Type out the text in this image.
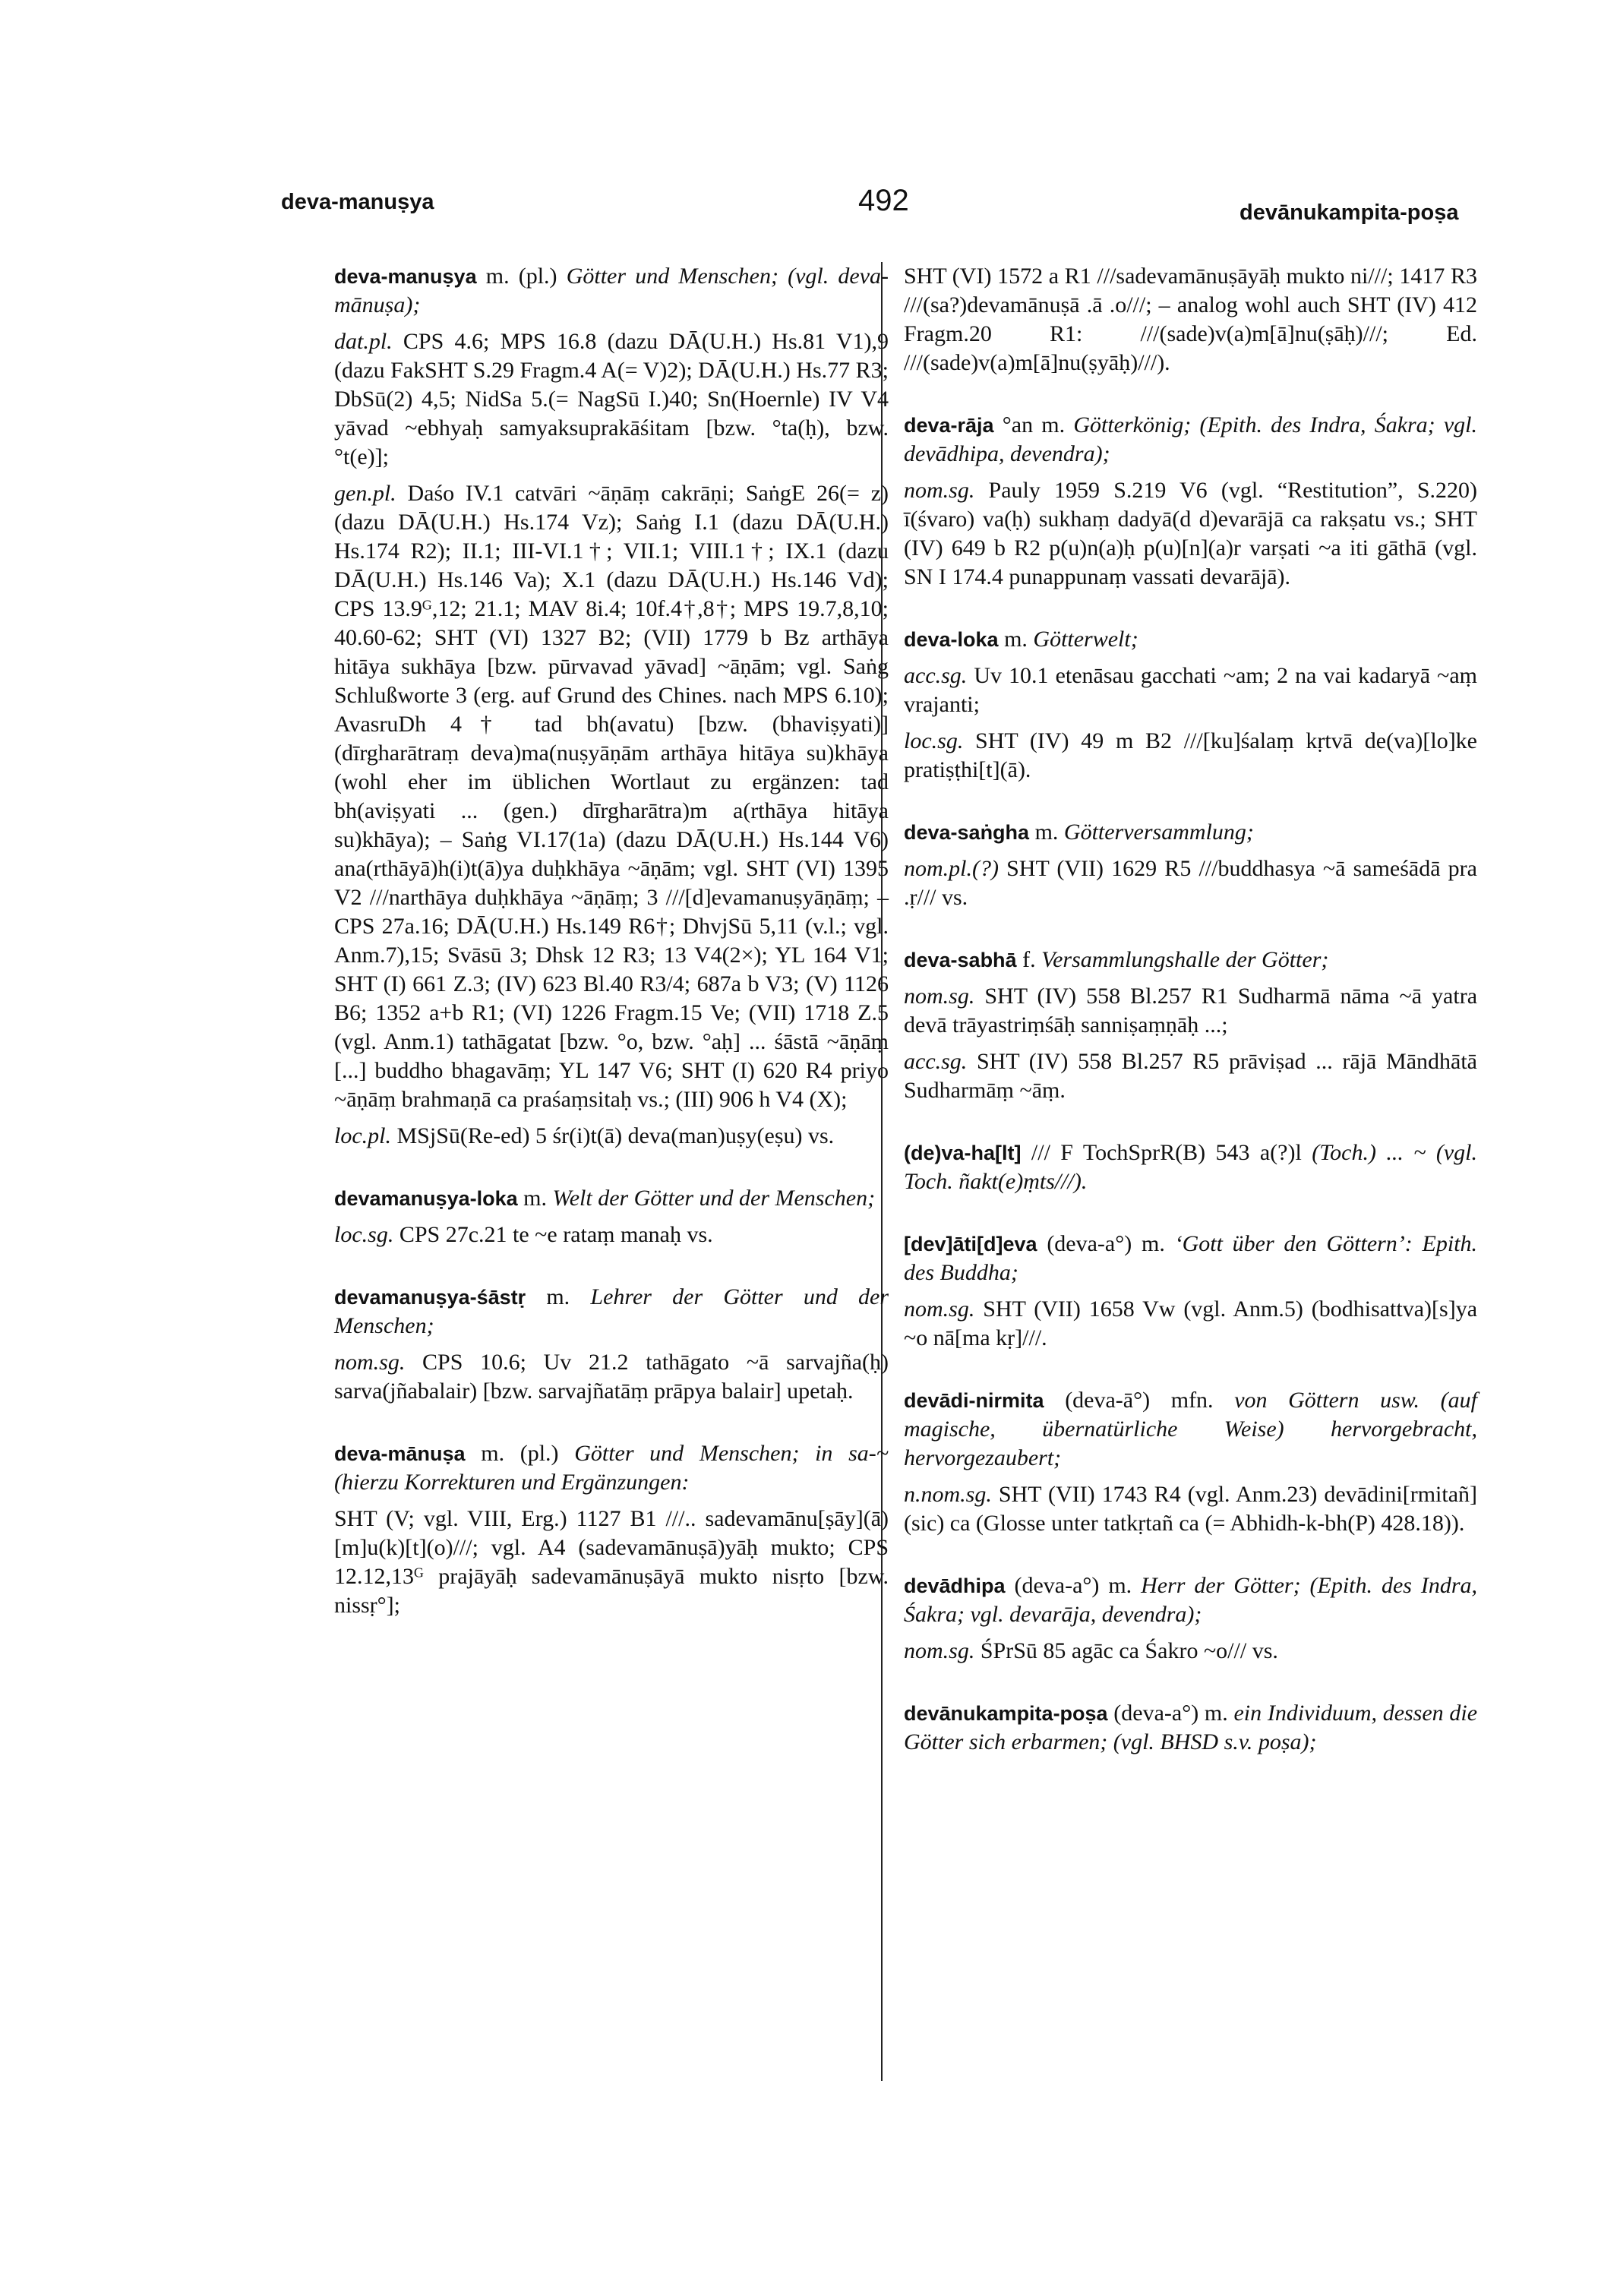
deva-manuṣya	492	devānukampita-poṣa

deva-manuṣya m. (pl.) Götter und Menschen; (vgl. deva-mānuṣa);

dat.pl. CPS 4.6; MPS 16.8 (dazu DĀ(U.H.) Hs.81 V1),9 (dazu FakSHT S.29 Fragm.4 A(= V)2); DĀ(U.H.) Hs.77 R3; DbSū(2) 4,5; NidSa 5.(= NagSū I.)40; Sn(Hoernle) IV V4 yāvad ~ebhyaḥ samyaksuprakāśitam [bzw. °ta(ḥ), bzw. °t(e)];

gen.pl. Daśo IV.1 catvāri ~āṇāṃ cakrāṇi; SaṅgE 26(= z) (dazu DĀ(U.H.) Hs.174 Vz); Saṅg I.1 (dazu DĀ(U.H.) Hs.174 R2); II.1; III-VI.1†; VII.1; VIII.1†; IX.1 (dazu DĀ(U.H.) Hs.146 Va); X.1 (dazu DĀ(U.H.) Hs.146 Vd); CPS 13.9ᴳ,12; 21.1; MAV 8i.4; 10f.4†,8†; MPS 19.7,8,10; 40.60-62; SHT (VI) 1327 B2; (VII) 1779 b Bz arthāya hitāya sukhāya [bzw. pūrvavad yāvad] ~āṇām; vgl. Saṅg Schlußworte 3 (erg. auf Grund des Chines. nach MPS 6.10); AvasruDh 4† tad bh(avatu) [bzw. (bhaviṣyati)] (dīrgharātraṃ deva)ma(nuṣyāṇām arthāya hitāya su)khāya (wohl eher im üblichen Wortlaut zu ergänzen: tad bh(aviṣyati ... (gen.) dīrgharātra)m a(rthāya hitāya su)khāya); – Saṅg VI.17(1a) (dazu DĀ(U.H.) Hs.144 V6) ana(rthāyā)h(i)t(ā)ya duḥkhāya ~āṇām; vgl. SHT (VI) 1395 V2 ///narthāya duḥkhāya ~āṇāṃ; 3 ///[d]evamanuṣyāṇāṃ; – CPS 27a.16; DĀ(U.H.) Hs.149 R6†; DhvjSū 5,11 (v.l.; vgl. Anm.7),15; Svāsū 3; Dhsk 12 R3; 13 V4(2×); YL 164 V1; SHT (I) 661 Z.3; (IV) 623 Bl.40 R3/4; 687a b V3; (V) 1126 B6; 1352 a+b R1; (VI) 1226 Fragm.15 Ve; (VII) 1718 Z.5 (vgl. Anm.1) tathāgatat [bzw. °o, bzw. °aḥ] ... śāstā ~āṇāṃ [...] buddho bhagavāṃ; YL 147 V6; SHT (I) 620 R4 priyo ~āṇāṃ brahmaṇā ca praśaṃsitaḥ vs.; (III) 906 h V4 (X);

loc.pl. MSjSū(Re-ed) 5 śr(i)t(ā) deva(man)uṣy(eṣu) vs.

devamanuṣya-loka m. Welt der Götter und der Menschen;

loc.sg. CPS 27c.21 te ~e rataṃ manaḥ vs.

devamanuṣya-śāstṛ m. Lehrer der Götter und der Menschen;

nom.sg. CPS 10.6; Uv 21.2 tathāgato ~ā sarvajña(ḥ) sarva(jñabalair) [bzw. sarvajñatāṃ prāpya balair] upetaḥ.

deva-mānuṣa m. (pl.) Götter und Menschen; in sa-~ (hierzu Korrekturen und Ergänzungen:

SHT (V; vgl. VIII, Erg.) 1127 B1 ///.. sadevamānu[ṣāy](ā) [m]u(k)[t](o)///; vgl. A4 (sadevamānuṣā)yāḥ mukto; CPS 12.12,13ᴳ prajāyāḥ sadevamānuṣāyā mukto nisṛto [bzw. nissṛ°];

SHT (VI) 1572 a R1 ///sadevamānuṣāyāḥ mukto ni///; 1417 R3 ///(sa?)devamānuṣā .ā .o///; – analog wohl auch SHT (IV) 412 Fragm.20 R1: ///(sade)v(a)m[ā]nu(ṣāḥ)///; Ed. ///(sade)v(a)m[ā]nu(ṣyāḥ)///).

deva-rāja °an m. Götterkönig; (Epith. des Indra, Śakra; vgl. devādhipa, devendra);

nom.sg. Pauly 1959 S.219 V6 (vgl. “Restitution”, S.220) ī(śvaro) va(ḥ) sukhaṃ dadyā(d d)evarājā ca rakṣatu vs.; SHT (IV) 649 b R2 p(u)n(a)ḥ p(u)[n](a)r varṣati ~a iti gāthā (vgl. SN I 174.4 punappunaṃ vassati devarājā).

deva-loka m. Götterwelt;

acc.sg. Uv 10.1 etenāsau gacchati ~am; 2 na vai kadaryā ~aṃ vrajanti;

loc.sg. SHT (IV) 49 m B2 ///[ku]śalaṃ kṛtvā de(va)[lo]ke pratiṣṭhi[t](ā).

deva-saṅgha m. Götterversammlung;

nom.pl.(?) SHT (VII) 1629 R5 ///buddhasya ~ā sameśādā pra .ṛ/// vs.

deva-sabhā f. Versammlungshalle der Götter;

nom.sg. SHT (IV) 558 Bl.257 R1 Sudharmā nāma ~ā yatra devā trāyastriṃśāḥ sanniṣaṃṇāḥ ...;

acc.sg. SHT (IV) 558 Bl.257 R5 prāviṣad ... rājā Māndhātā Sudharmāṃ ~āṃ.

(de)va-ha[lt] /// F TochSprR(B) 543 a(?)l (Toch.) ... ~ (vgl. Toch. ñakt(e)ṃts///).

[dev]āti[d]eva (deva-a°) m. ‘Gott über den Göttern’: Epith. des Buddha;

nom.sg. SHT (VII) 1658 Vw (vgl. Anm.5) (bodhisattva)[s]ya ~o nā[ma kṛ]///.

devādi-nirmita (deva-ā°) mfn. von Göttern usw. (auf magische, übernatürliche Weise) hervorgebracht, hervorgezaubert;

n.nom.sg. SHT (VII) 1743 R4 (vgl. Anm.23) devādini[rmitañ] (sic) ca (Glosse unter tatkṛtañ ca (= Abhidh-k-bh(P) 428.18)).

devādhipa (deva-a°) m. Herr der Götter; (Epith. des Indra, Śakra; vgl. devarāja, devendra);

nom.sg. ŚPrSū 85 agāc ca Śakro ~o/// vs.

devānukampita-poṣa (deva-a°) m. ein Individuum, dessen die Götter sich erbarmen; (vgl. BHSD s.v. poṣa);
